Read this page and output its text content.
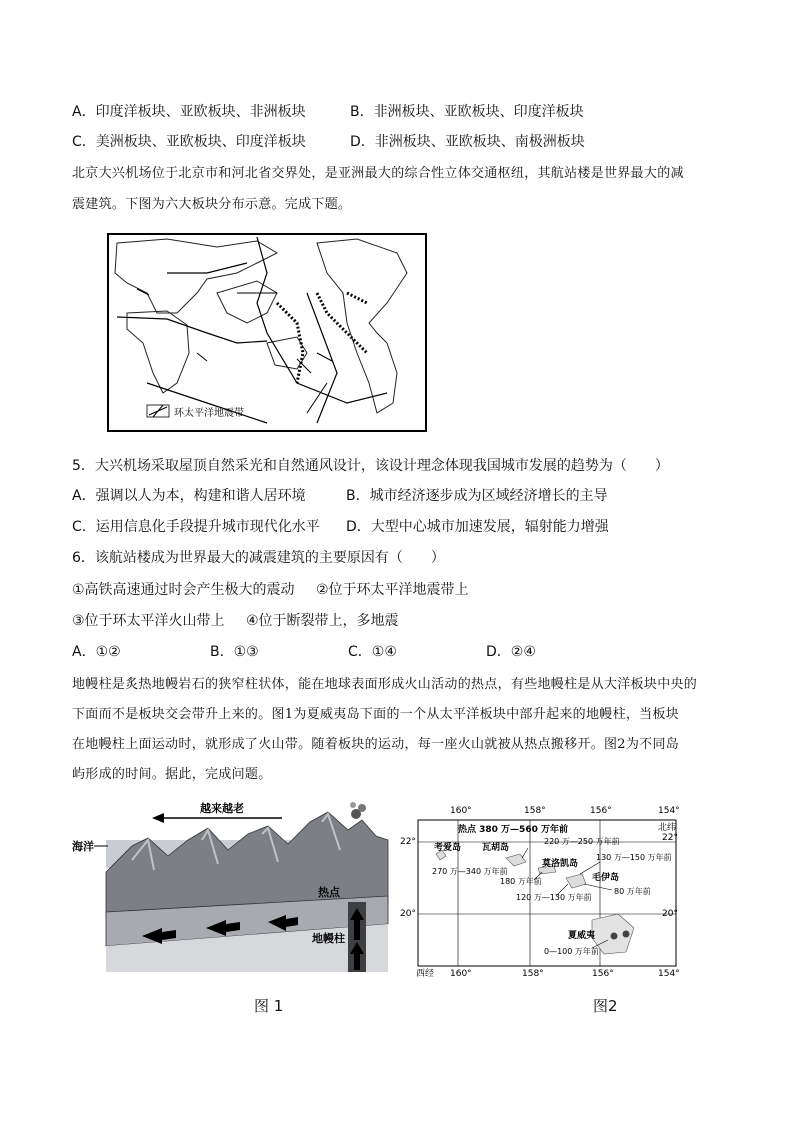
A．印度洋板块、亚欧板块、非洲板块	B．非洲板块、亚欧板块、印度洋板块
C．美洲板块、亚欧板块、印度洋板块	D．非洲板块、亚欧板块、南极洲板块
北京大兴机场位于北京市和河北省交界处，是亚洲最大的综合性立体交通枢纽，其航站楼是世界最大的减
震建筑。下图为六大板块分布示意。完成下题。
环太平洋地震带
5．大兴机场采取屋顶自然采光和自然通风设计，该设计理念体现我国城市发展的趋势为（　　）
A．强调以人为本，构建和谐人居环境	B．城市经济逐步成为区域经济增长的主导
C．运用信息化手段提升城市现代化水平 D．大型中心城市加速发展，辐射能力增强
6．该航站楼成为世界最大的减震建筑的主要原因有（　　）
①高铁高速通过时会产生极大的震动 ②位于环太平洋地震带上
③位于环太平洋火山带上 ④位于断裂带上，多地震
A．①②	B．①③	C．①④	D．②④
地幔柱是炙热地幔岩石的狭窄柱状体，能在地球表面形成火山活动的热点，有些地幔柱是从大洋板块中央的
下面而不是板块交会带升上来的。图1为夏威夷岛下面的一个从太平洋板块中部升起来的地幔柱，当板块
在地幔柱上面运动时，就形成了火山带。随着板块的运动，每一座火山就被从热点搬移开。图2为不同岛
屿形成的时间。据此，完成问题。
越来越老
海洋
热点
地幔柱
图 1
160°	158°	156°	154°
22°
20°
22°
20°
北纬
西经 160°	158°	156°	154°
热点 380 万—560 万年前
考爱岛 瓦胡岛
莫洛凯岛
毛伊岛
夏威夷
270 万—340 万年前
180 万年前
220 万—250 万年前
130 万—150 万年前
80 万年前
120 万—130 万年前
0—100 万年前
图2
